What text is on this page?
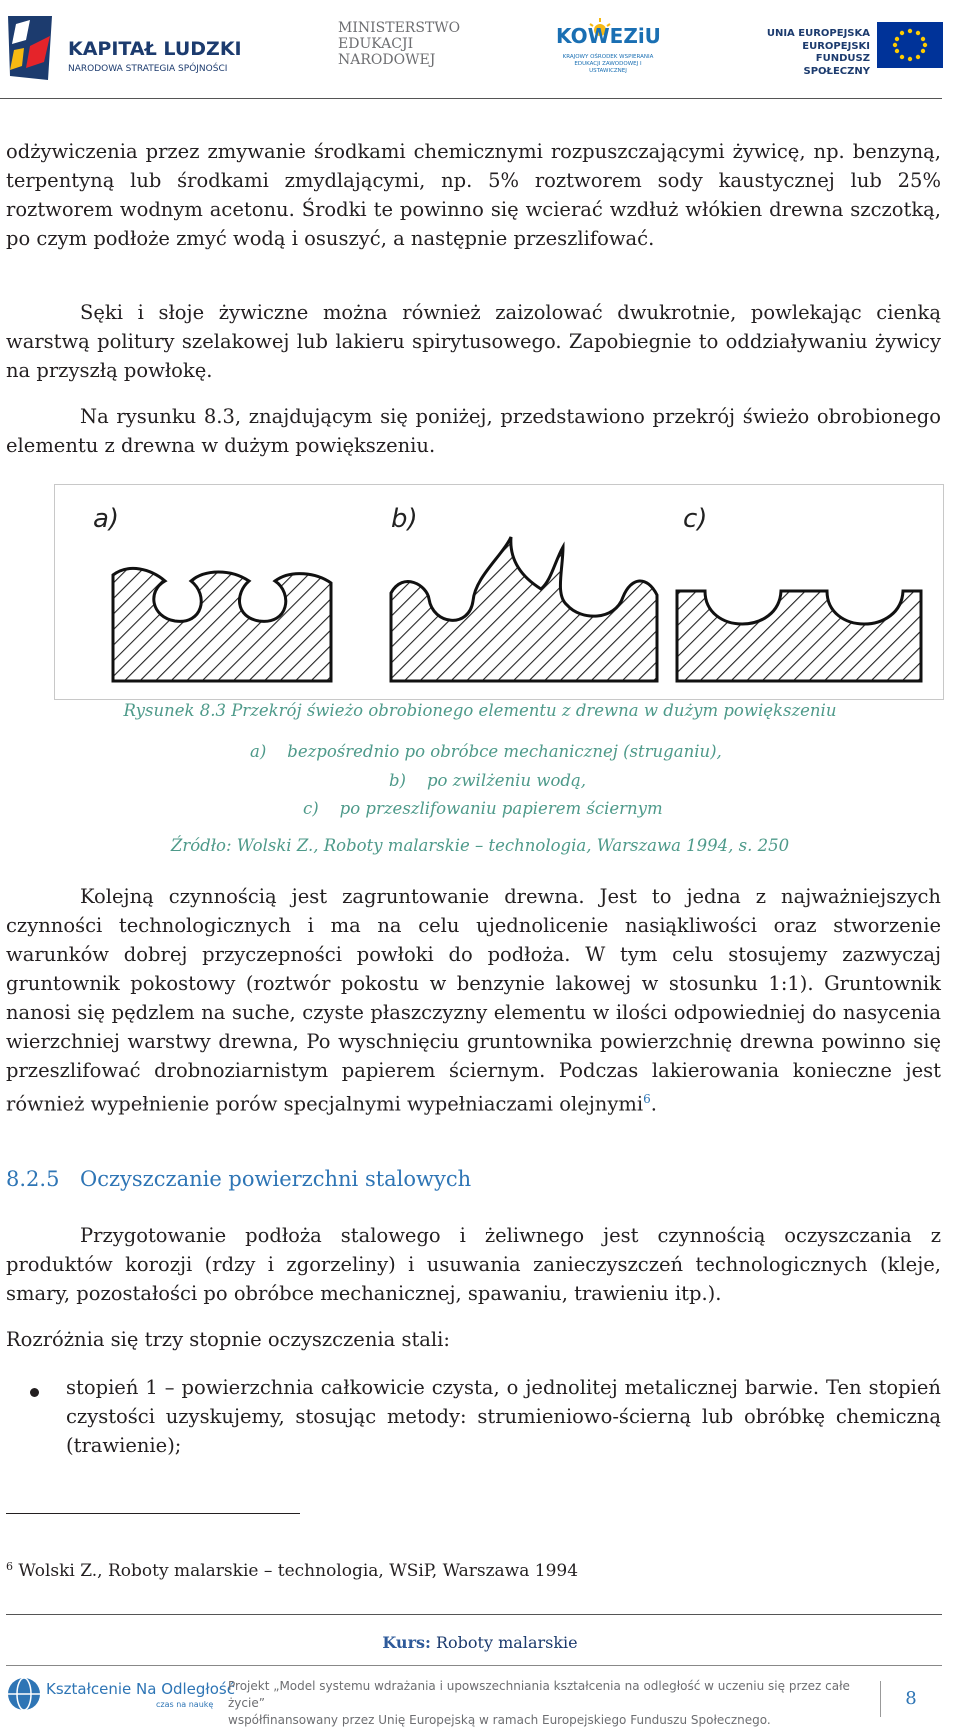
KAPITAŁ LUDZKI
NARODOWA STRATEGIA SPÓJNOŚCI
MINISTERSTWO
EDUKACJI
NARODOWEJ
KOWEZiU
KRAJOWY OŚRODEK WSPIERANIA EDUKACJI ZAWODOWEJ I USTAWICZNEJ
UNIA EUROPEJSKA
EUROPEJSKI
FUNDUSZ SPOŁECZNY
odżywiczenia przez zmywanie środkami chemicznymi rozpuszczającymi żywicę, np. benzyną, terpentyną lub środkami zmydlającymi, np. 5% roztworem sody kaustycznej lub 25% roztworem wodnym acetonu. Środki te powinno się wcierać wzdłuż włókien drewna szczotką, po czym podłoże zmyć wodą i osuszyć, a następnie przeszlifować.
Sęki i słoje żywiczne można również zaizolować dwukrotnie, powlekając cienką warstwą politury szelakowej lub lakieru spirytusowego. Zapobiegnie to oddziaływaniu żywicy na przyszłą powłokę.
Na rysunku 8.3, znajdującym się poniżej, przedstawiono przekrój świeżo obrobionego elementu z drewna w dużym powiększeniu.
a)	b)	c)
Rysunek 8.3 Przekrój świeżo obrobionego elementu z drewna w dużym powiększeniu
a) bezpośrednio po obróbce mechanicznej (struganiu),
b) po zwilżeniu wodą,
c) po przeszlifowaniu papierem ściernym
Źródło: Wolski Z., Roboty malarskie – technologia, Warszawa 1994, s. 250
Kolejną czynnością jest zagruntowanie drewna. Jest to jedna z najważniejszych czynności technologicznych i ma na celu ujednolicenie nasiąkliwości oraz stworzenie warunków dobrej przyczepności powłoki do podłoża. W tym celu stosujemy zazwyczaj gruntownik pokostowy (roztwór pokostu w benzynie lakowej w stosunku 1:1). Gruntownik nanosi się pędzlem na suche, czyste płaszczyzny elementu w ilości odpowiedniej do nasycenia wierzchniej warstwy drewna, Po wyschnięciu gruntownika powierzchnię drewna powinno się przeszlifować drobnoziarnistym papierem ściernym. Podczas lakierowania konieczne jest również wypełnienie porów specjalnymi wypełniaczami olejnymi$^6$.
8.2.5 Oczyszczanie powierzchni stalowych
Przygotowanie podłoża stalowego i żeliwnego jest czynnością oczyszczania z produktów korozji (rdzy i zgorzeliny) i usuwania zanieczyszczeń technologicznych (kleje, smary, pozostałości po obróbce mechanicznej, spawaniu, trawieniu itp.).
Rozróżnia się trzy stopnie oczyszczenia stali:
stopień 1 – powierzchnia całkowicie czysta, o jednolitej metalicznej barwie. Ten stopień czystości uzyskujemy, stosując metody: strumieniowo-ścierną lub obróbkę chemiczną (trawienie);
$^6$ Wolski Z., Roboty malarskie – technologia, WSiP, Warszawa 1994
Kurs: Roboty malarskie
Kształcenie Na Odległość
czas na naukę
Projekt „Model systemu wdrażania i upowszechniania kształcenia na odległość w uczeniu się przez całe życie”
współfinansowany przez Unię Europejską w ramach Europejskiego Funduszu Społecznego.
8
